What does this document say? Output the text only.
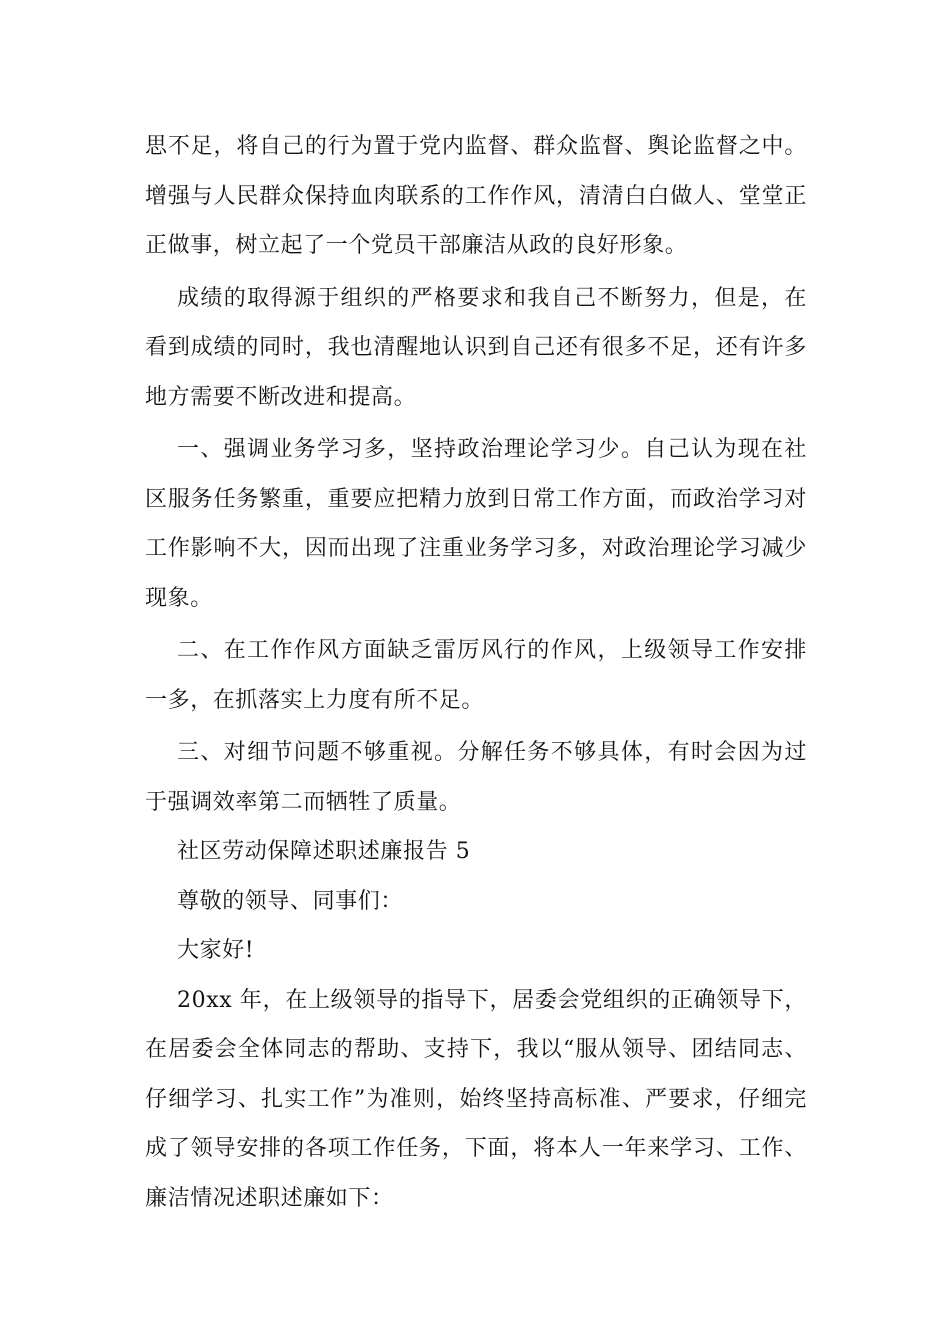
思不足，将自己的行为置于党内监督、群众监督、舆论监督之中。增强与人民群众保持血肉联系的工作作风，清清白白做人、堂堂正正做事，树立起了一个党员干部廉洁从政的良好形象。

成绩的取得源于组织的严格要求和我自己不断努力，但是，在看到成绩的同时，我也清醒地认识到自己还有很多不足，还有许多地方需要不断改进和提高。

一、强调业务学习多，坚持政治理论学习少。自己认为现在社区服务任务繁重，重要应把精力放到日常工作方面，而政治学习对工作影响不大，因而出现了注重业务学习多，对政治理论学习减少现象。

二、在工作作风方面缺乏雷厉风行的作风，上级领导工作安排一多，在抓落实上力度有所不足。

三、对细节问题不够重视。分解任务不够具体，有时会因为过于强调效率第二而牺牲了质量。

社区劳动保障述职述廉报告 5

尊敬的领导、同事们：

大家好!

20xx 年，在上级领导的指导下，居委会党组织的正确领导下，在居委会全体同志的帮助、支持下，我以“服从领导、团结同志、仔细学习、扎实工作”为准则，始终坚持高标准、严要求，仔细完成了领导安排的各项工作任务，下面，将本人一年来学习、工作、廉洁情况述职述廉如下：
